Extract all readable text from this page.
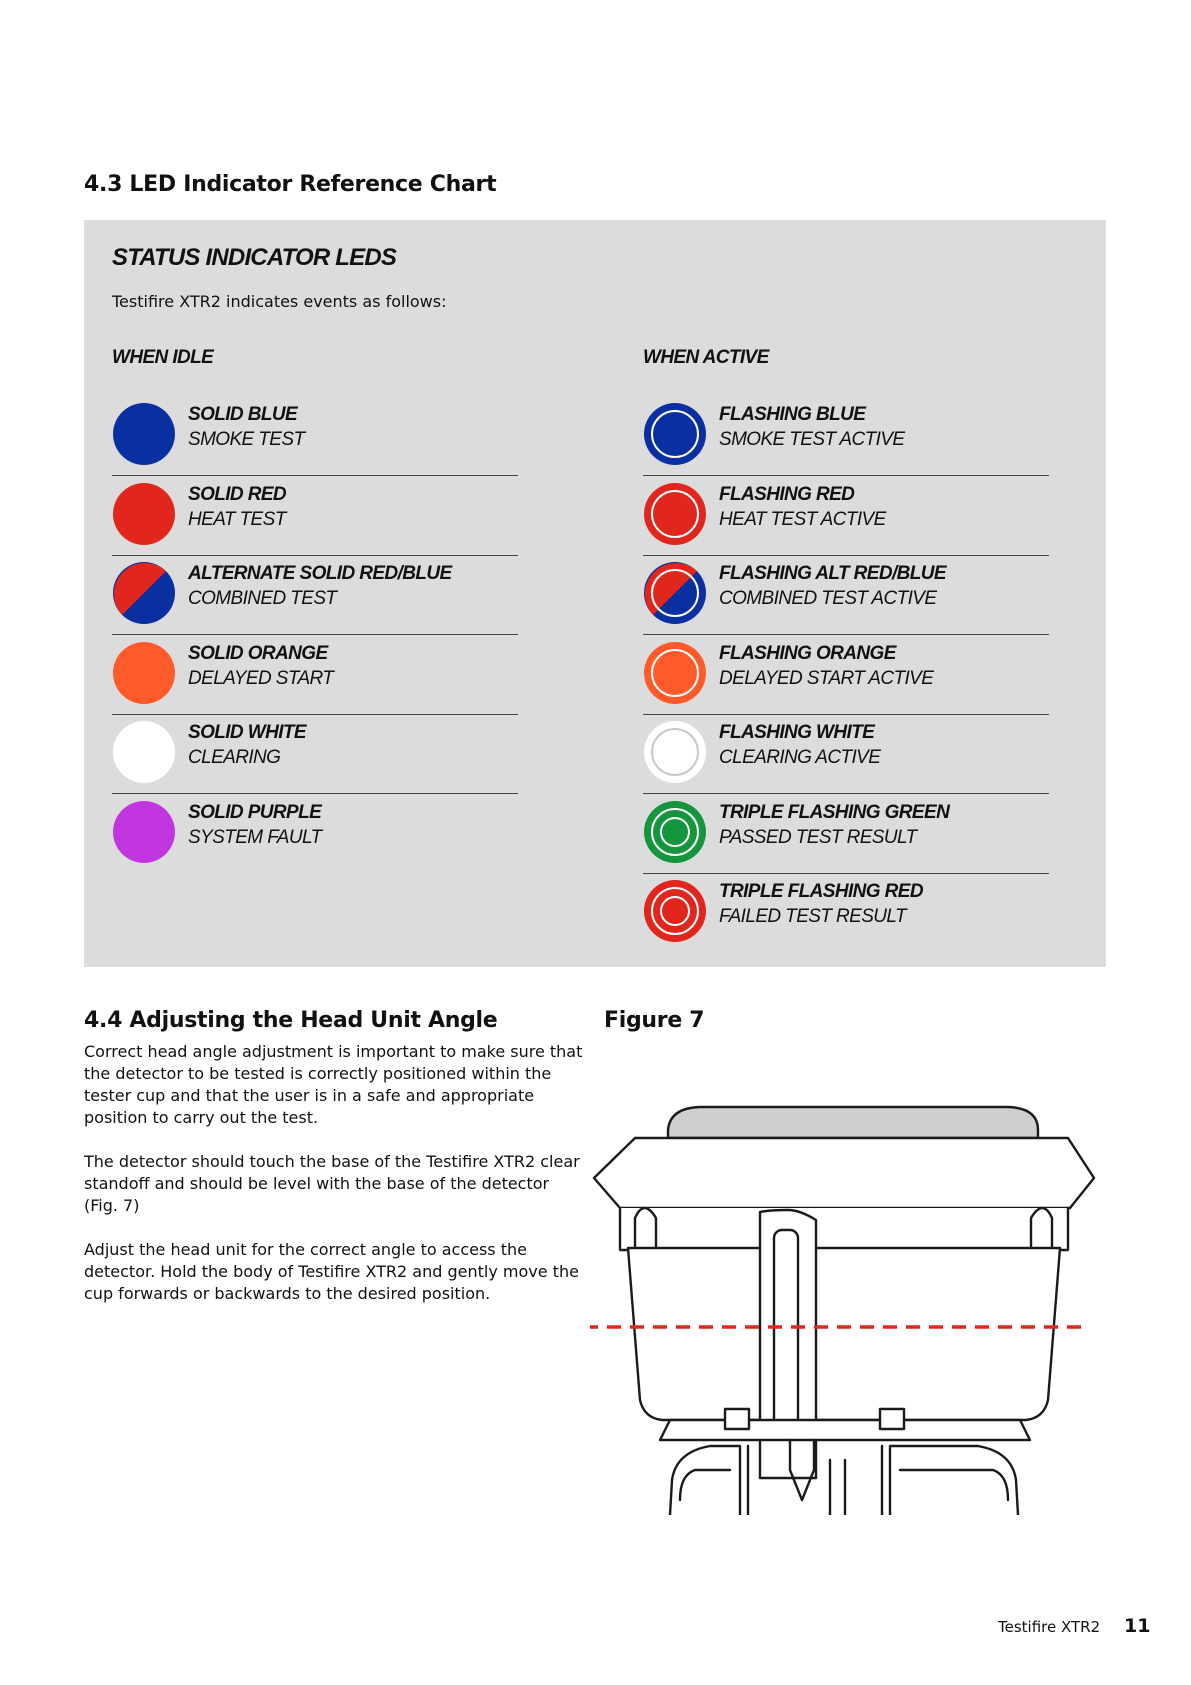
4.3 LED Indicator Reference Chart
STATUS INDICATOR LEDS
Testifire XTR2 indicates events as follows:
WHEN IDLE	WHEN ACTIVE
SOLID BLUE
SMOKE TEST
SOLID RED
HEAT TEST
ALTERNATE SOLID RED/BLUE
COMBINED TEST
SOLID ORANGE
DELAYED START
SOLID WHITE
CLEARING
SOLID PURPLE
SYSTEM FAULT
FLASHING BLUE
SMOKE TEST ACTIVE
FLASHING RED
HEAT TEST ACTIVE
FLASHING ALT RED/BLUE
COMBINED TEST ACTIVE
FLASHING ORANGE
DELAYED START ACTIVE
FLASHING WHITE
CLEARING ACTIVE
TRIPLE FLASHING GREEN
PASSED TEST RESULT
TRIPLE FLASHING RED
FAILED TEST RESULT
4.4 Adjusting the Head Unit Angle

Correct head angle adjustment is important to make sure that the detector to be tested is correctly positioned within the tester cup and that the user is in a safe and appropriate position to carry out the test.

The detector should touch the base of the Testifire XTR2 clear standoff and should be level with the base of the detector (Fig. 7)

Adjust the head unit for the correct angle to access the detector. Hold the body of Testifire XTR2 and gently move the cup forwards or backwards to the desired position.

Figure 7
Testifire XTR2 11
